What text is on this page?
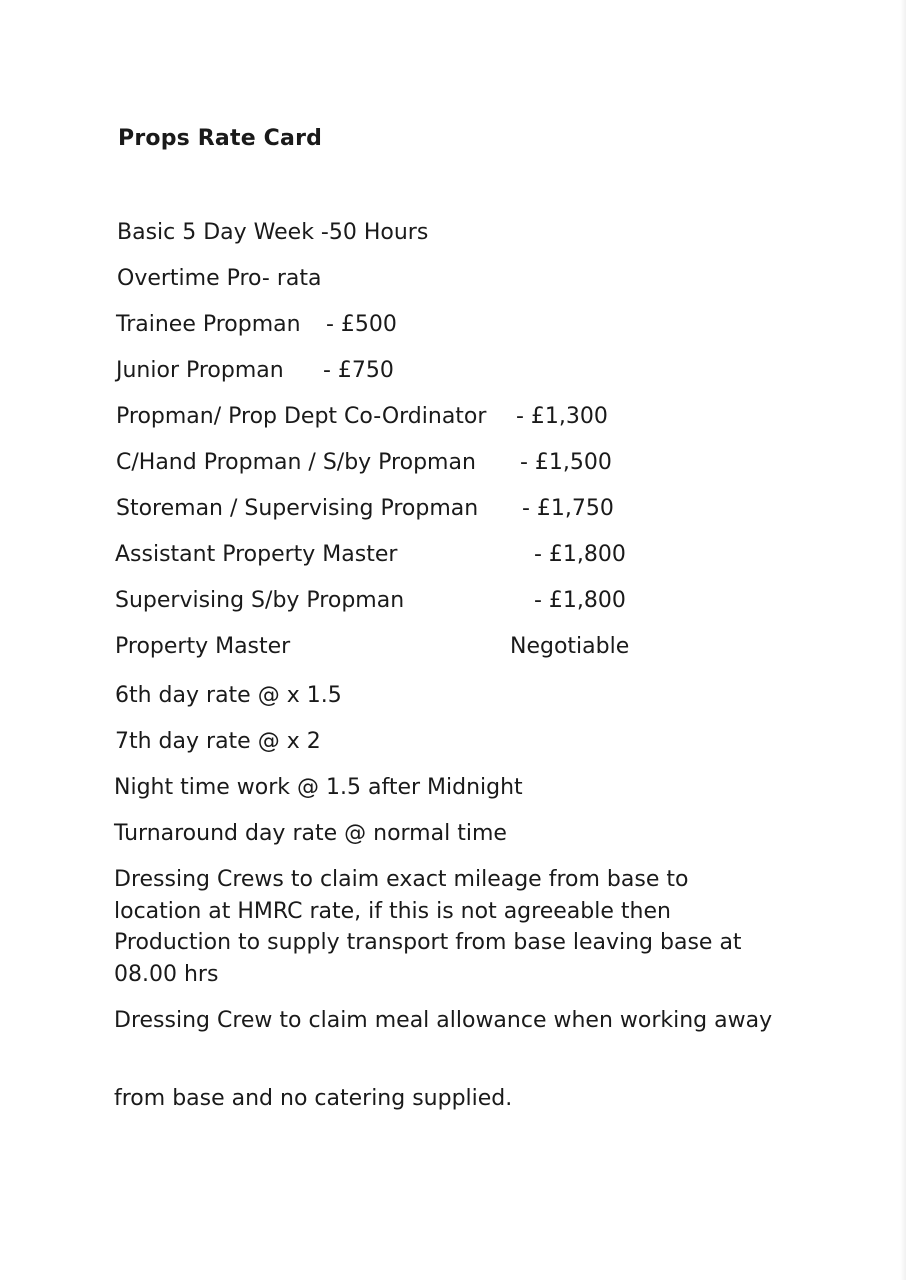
Props Rate Card
Basic 5 Day Week -50 Hours
Overtime Pro- rata
Trainee Propman - £500
Junior Propman - £750
Propman/ Prop Dept Co-Ordinator - £1,300
C/Hand Propman / S/by Propman - £1,500
Storeman / Supervising Propman - £1,750
Assistant Property Master	- £1,800
Supervising S/by Propman	- £1,800
Property Master	Negotiable
6th day rate @ x 1.5
7th day rate @ x 2
Night time work @ 1.5 after Midnight
Turnaround day rate @ normal time
Dressing Crews to claim exact mileage from base to location at HMRC rate, if this is not agreeable then Production to supply transport from base leaving base at 08.00 hrs
Dressing Crew to claim meal allowance when working away
from base and no catering supplied.
